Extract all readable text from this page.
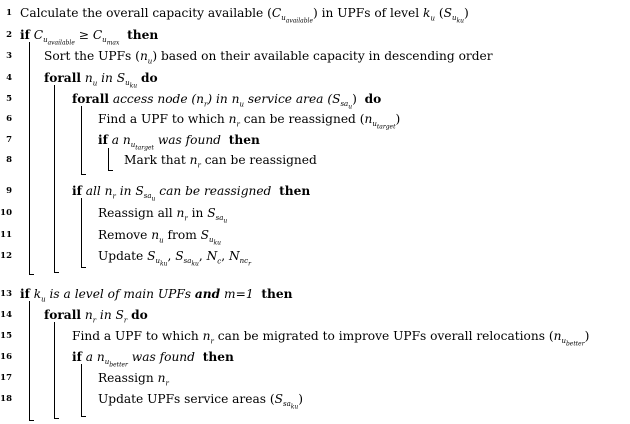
1 Calculate the overall capacity available $(C_{u_{available}})$ in UPFs of level $k_u$ $(S_{u_{ku}})$
2 if $C_{u_{available}} \ge C_{u_{max}}$  then
3	Sort the UPFs $(n_u)$ based on their available capacity in descending order
4	forall $n_u$ in $S_{u_{ku}}$ do
5	forall access node $(n_r)$ in $n_u$ service area $(S_{sa_u})$  do
6	Find a UPF to which $n_r$ can be reassigned $(n_{u_{target}})$
7	if a $n_{u_{target}}$ was found then
8	Mark that $n_r$ can be reassigned
9	if all $n_r$ in $S_{sa_u}$ can be reassigned then
10	Reassign all $n_r$ in $S_{sa_u}$
11	Remove $n_u$ from $S_{u_{ku}}$
12	Update $S_{u_{ku}}$, $S_{sa_{ku}}$, $N_c$, $N_{nc_r}$
13 if $k_u$ is a level of main UPFs and m=1 then
14	forall $n_r$ in $S_r$ do
15	Find a UPF to which $n_r$ can be migrated to improve UPFs overall relocations $(n_{u_{better}})$
16	if a $n_{u_{better}}$ was found then
17	Reassign $n_r$
18	Update UPFs service areas $(S_{sa_{ku}})$
